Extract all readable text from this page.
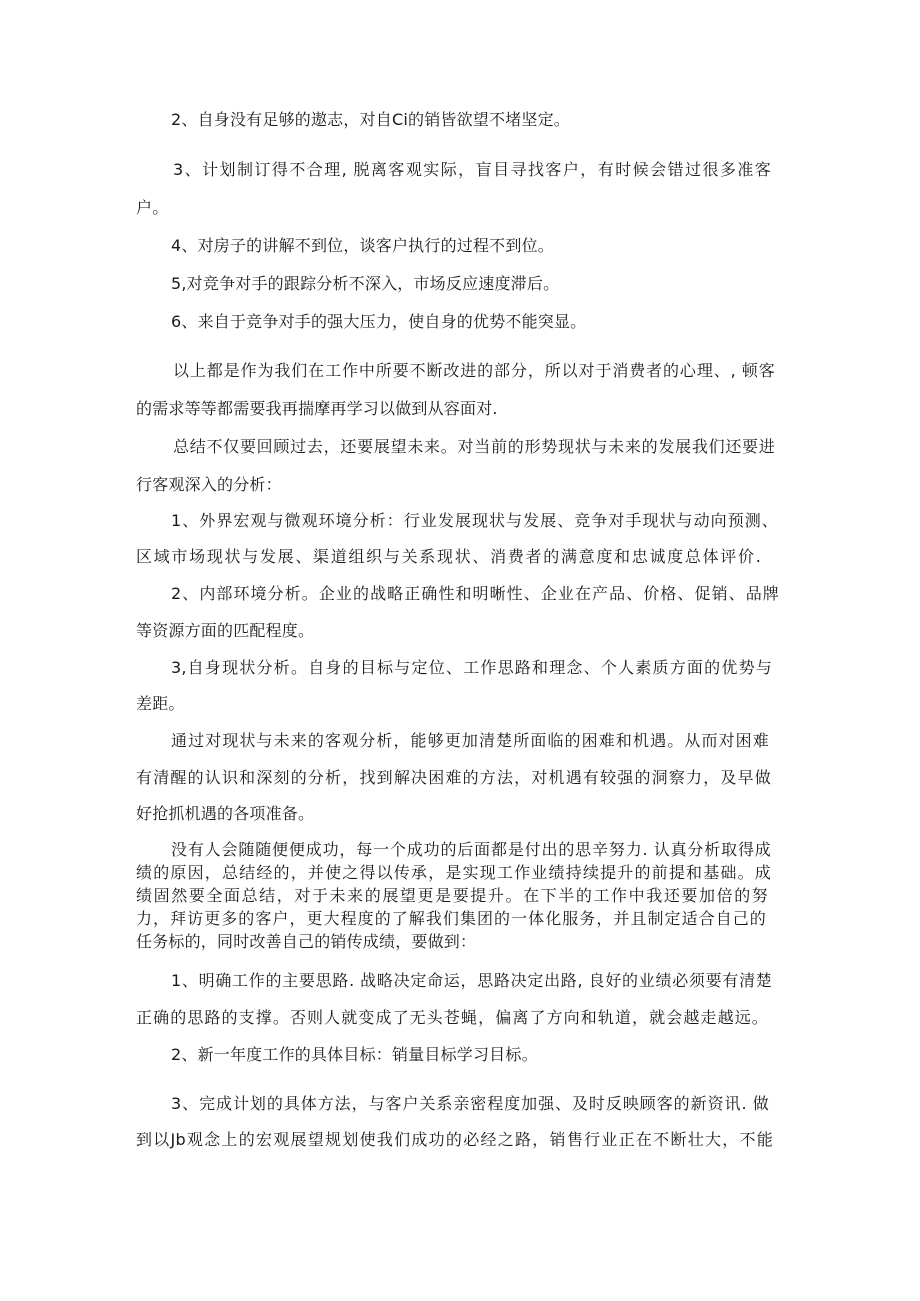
2、自身没有足够的遨志，对自Ci的销皆欲望不堵坚定。
3、计划制订得不合理, 脱离客观实际，盲目寻找客户，有时候会错过很多准客
户。
4、对房子的讲解不到位，谈客户执行的过程不到位。
5,对竞争对手的跟踪分析不深入，市场反应速度滞后。
6、来自于竞争对手的强大压力，使自身的优势不能突显。
以上都是作为我们在工作中所要不断改进的部分，所以对于消费者的心理、, 顿客
的需求等等都需要我再揣摩再学习以做到从容面对.
总结不仅要回顾过去，还要展望未来。对当前的形势现状与未来的发展我们还要进
行客观深入的分析：
1、外界宏观与微观环境分析：行业发展现状与发展、竞争对手现状与动向预测、
区域市场现状与发展、渠道组织与关系现状、消费者的满意度和忠诚度总体评价.
2、内部环境分析。企业的战略正确性和明晰性、企业在产品、价格、促销、品牌
等资源方面的匹配程度。
3,自身现状分析。自身的目标与定位、工作思路和理念、个人素质方面的优势与
差距。
通过对现状与未来的客观分析，能够更加清楚所面临的困难和机遇。从而对困难
有清醒的认识和深刻的分析，找到解决困难的方法，对机遇有较强的洞察力，及早做
好抢抓机遇的各项准备。
没有人会随随便便成功，每一个成功的后面都是付出的思辛努力. 认真分析取得成
绩的原因，总结经的，并使之得以传承，是实现工作业绩持续提升的前提和基础。成
绩固然要全面总结，对于未来的展望更是要提升。在下半的工作中我还要加倍的努
力，拜访更多的客户，更大程度的了解我们集团的一体化服务，并且制定适合自己的
任务标的，同时改善自己的销传成绩，要做到：
1、明确工作的主要思路. 战略决定命运，思路决定出路, 良好的业绩必须要有清楚
正确的思路的支撑。否则人就变成了无头苍蝇，偏离了方向和轨道，就会越走越远。
2、新一年度工作的具体目标：销量目标学习目标。
3、完成计划的具体方法，与客户关系亲密程度加强、及时反映顾客的新资讯. 做
到以Jb观念上的宏观展望规划使我们成功的必经之路，销售行业正在不断壮大，不能
